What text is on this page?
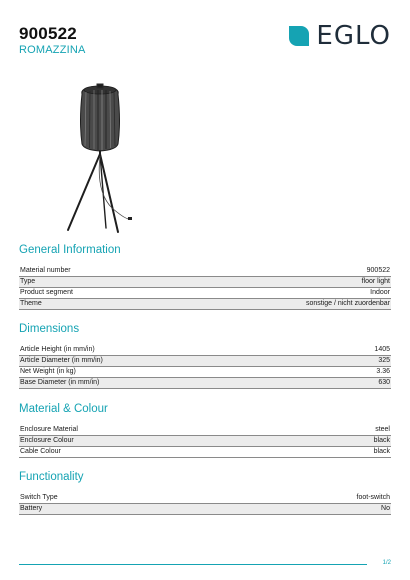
900522
ROMAZZINA	EGLO
General Information
Material number	900522
Type	floor light
Product segment	Indoor
Theme	sonstige / nicht zuordenbar
Dimensions
Article Height (in mm/in)	1405
Article Diameter (in mm/in)	325
Net Weight (in kg)	3.36
Base Diameter (in mm/in)	630
Material & Colour
Enclosure Material	steel
Enclosure Colour	black
Cable Colour	black
Functionality
Switch Type	foot-switch
Battery	No
1/2
